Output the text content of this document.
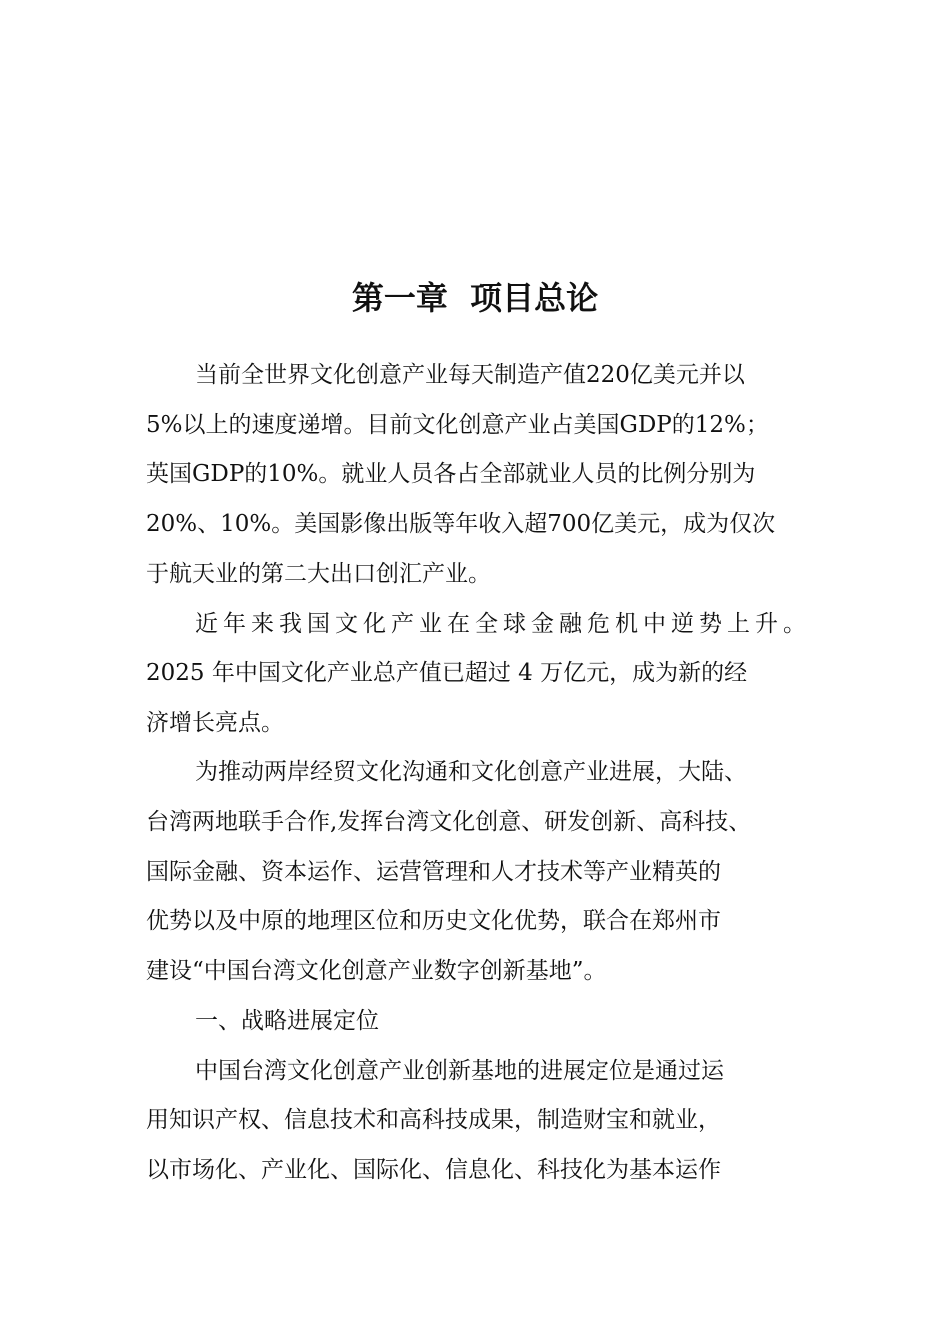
第一章  项目总论
当前全世界文化创意产业每天制造产值220亿美元并以
5%以上的速度递增。目前文化创意产业占美国GDP的12%；
英国GDP的10%。就业人员各占全部就业人员的比例分别为
20%、10%。美国影像出版等年收入超700亿美元，成为仅次
于航天业的第二大出口创汇产业。
近年来我国文化产业在全球金融危机中逆势上升。
2025 年中国文化产业总产值已超过 4 万亿元，成为新的经
济增长亮点。
为推动两岸经贸文化沟通和文化创意产业进展，大陆、
台湾两地联手合作,发挥台湾文化创意、研发创新、高科技、
国际金融、资本运作、运营管理和人才技术等产业精英的
优势以及中原的地理区位和历史文化优势，联合在郑州市
建设“中国台湾文化创意产业数字创新基地”。
一、战略进展定位
中国台湾文化创意产业创新基地的进展定位是通过运
用知识产权、信息技术和高科技成果，制造财宝和就业，
以市场化、产业化、国际化、信息化、科技化为基本运作
